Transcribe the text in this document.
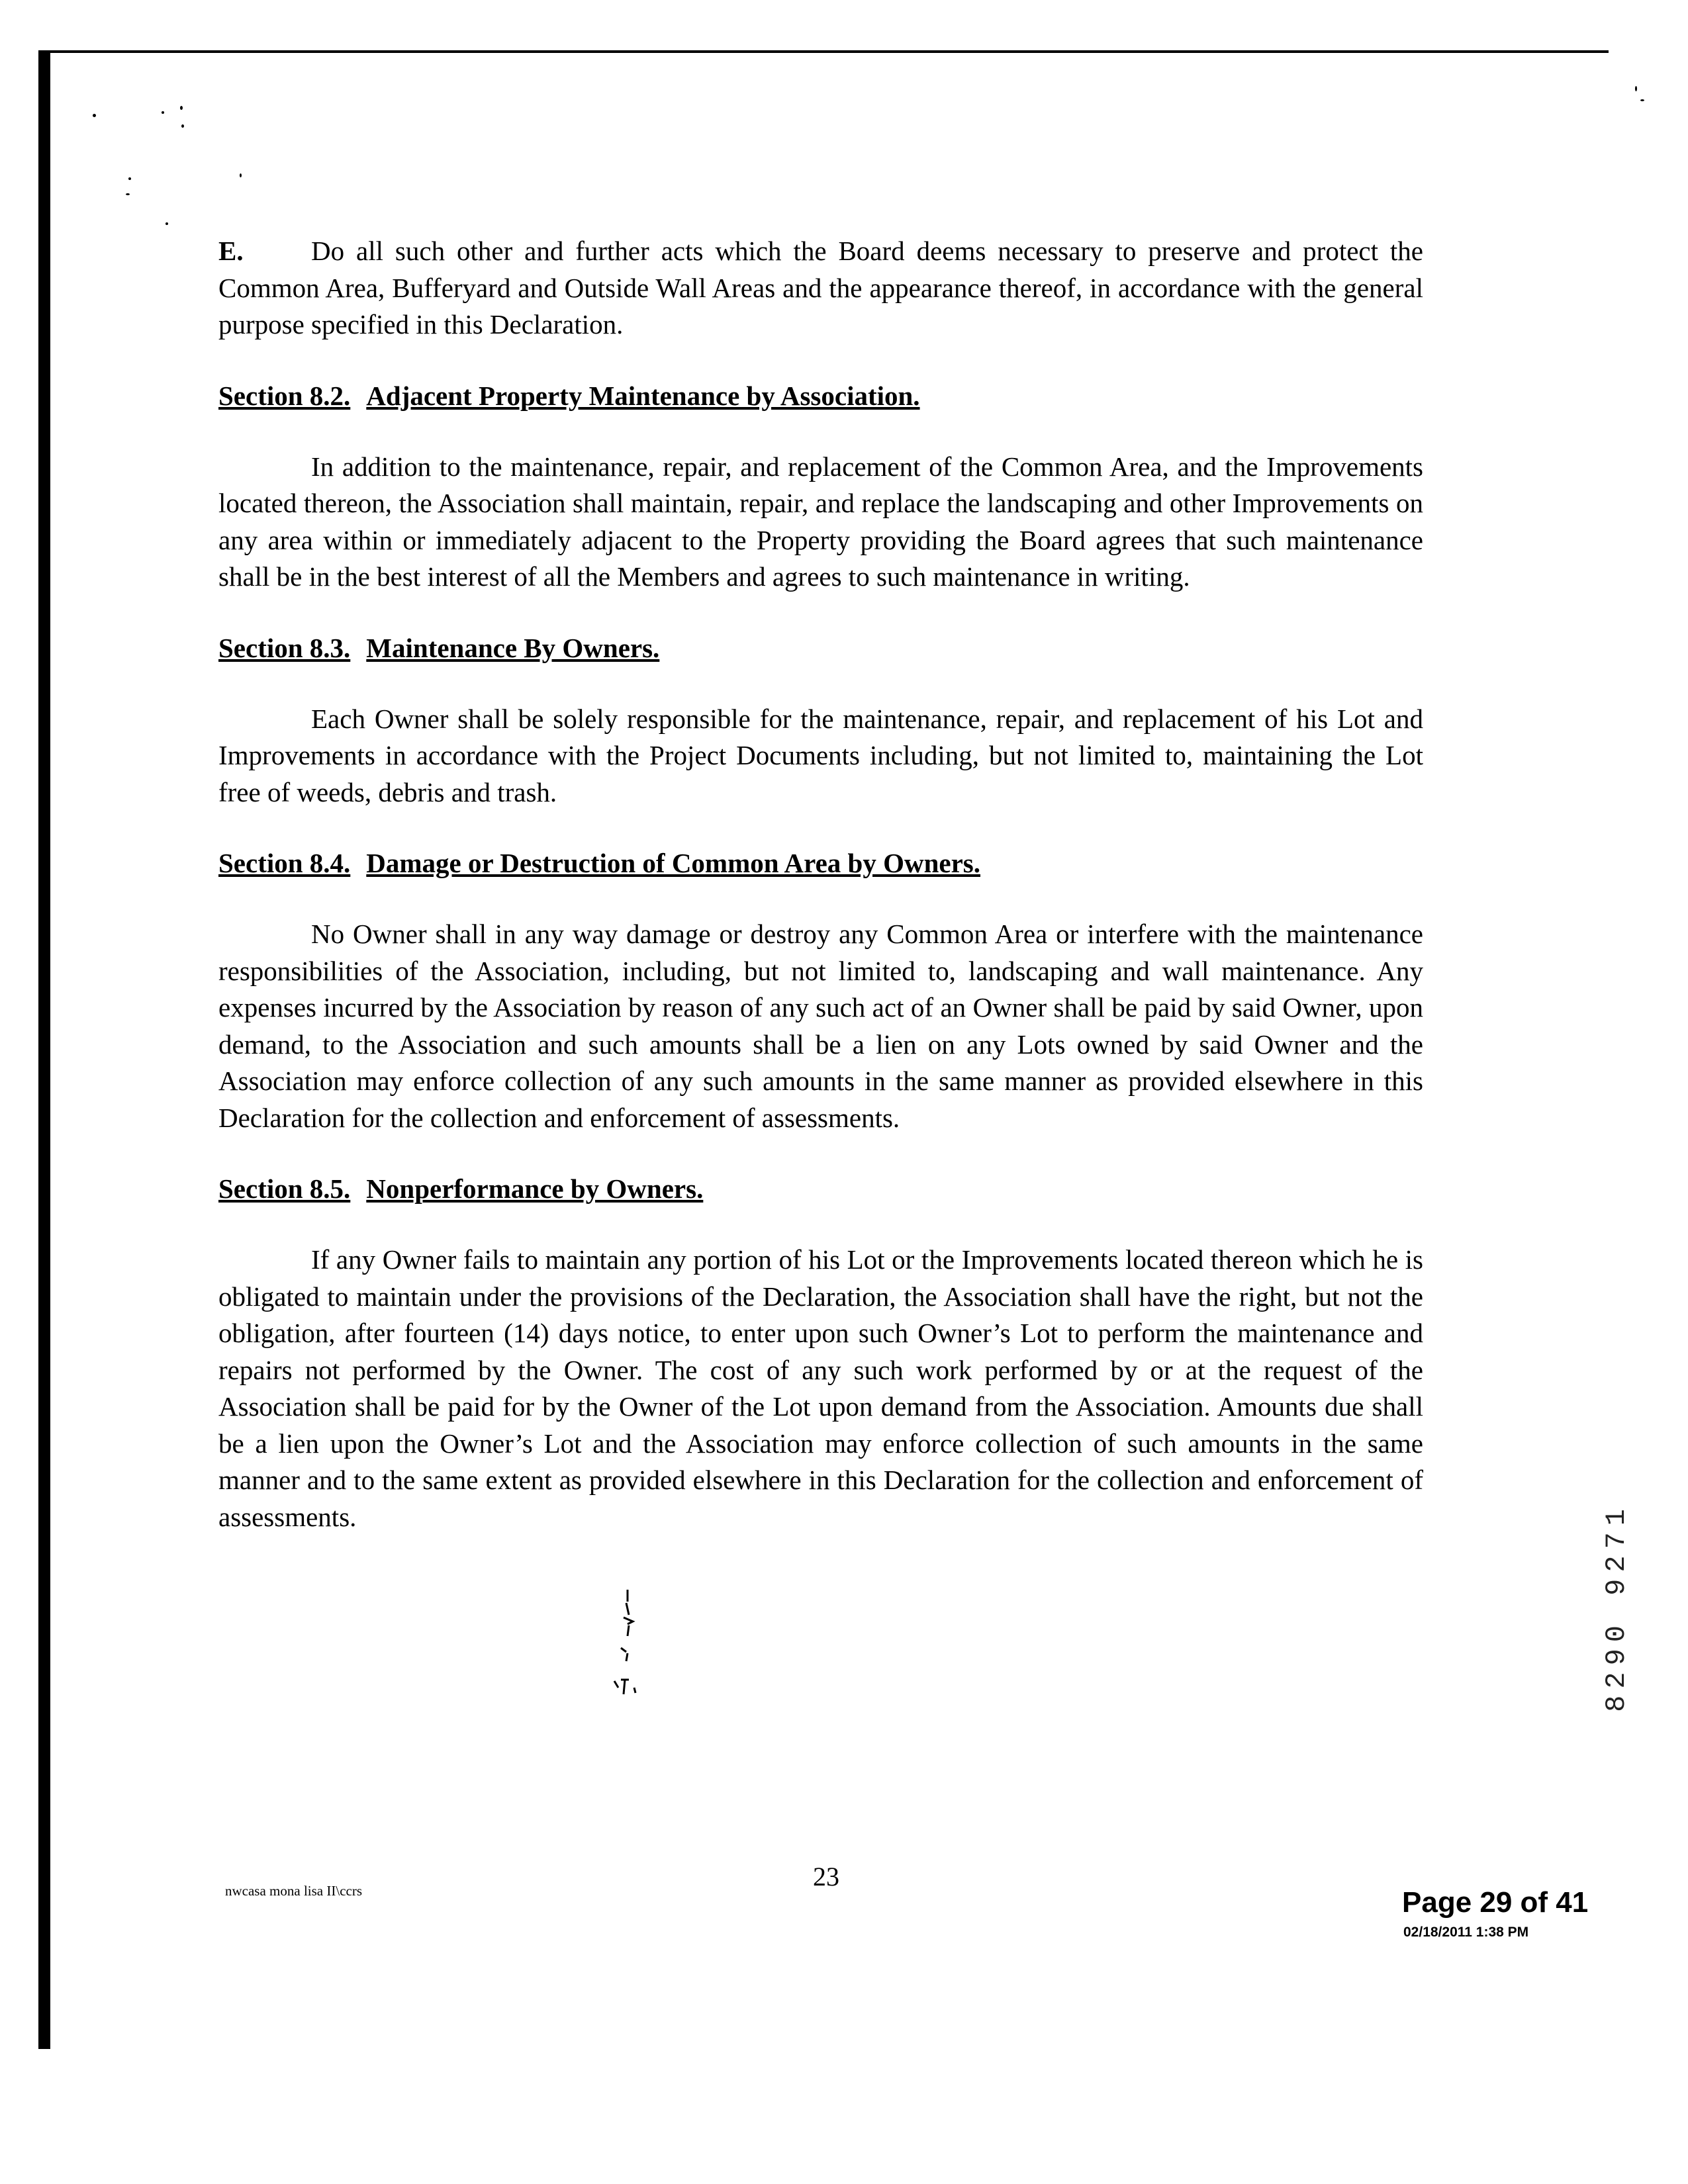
E. Do all such other and further acts which the Board deems necessary to preserve and protect the Common Area, Bufferyard and Outside Wall Areas and the appearance thereof, in accordance with the general purpose specified in this Declaration.

Section 8.2. Adjacent Property Maintenance by Association.

In addition to the maintenance, repair, and replacement of the Common Area, and the Improvements located thereon, the Association shall maintain, repair, and replace the landscaping and other Improvements on any area within or immediately adjacent to the Property providing the Board agrees that such maintenance shall be in the best interest of all the Members and agrees to such maintenance in writing.

Section 8.3. Maintenance By Owners.

Each Owner shall be solely responsible for the maintenance, repair, and replacement of his Lot and Improvements in accordance with the Project Documents including, but not limited to, maintaining the Lot free of weeds, debris and trash.

Section 8.4. Damage or Destruction of Common Area by Owners.

No Owner shall in any way damage or destroy any Common Area or interfere with the maintenance responsibilities of the Association, including, but not limited to, landscaping and wall maintenance. Any expenses incurred by the Association by reason of any such act of an Owner shall be paid by said Owner, upon demand, to the Association and such amounts shall be a lien on any Lots owned by said Owner and the Association may enforce collection of any such amounts in the same manner as provided elsewhere in this Declaration for the collection and enforcement of assessments.

Section 8.5. Nonperformance by Owners.

If any Owner fails to maintain any portion of his Lot or the Improvements located thereon which he is obligated to maintain under the provisions of the Declaration, the Association shall have the right, but not the obligation, after fourteen (14) days notice, to enter upon such Owner’s Lot to perform the maintenance and repairs not performed by the Owner. The cost of any such work performed by or at the request of the Association shall be paid for by the Owner of the Lot upon demand from the Association. Amounts due shall be a lien upon the Owner’s Lot and the Association may enforce collection of such amounts in the same manner and to the same extent as provided elsewhere in this Declaration for the collection and enforcement of assessments.

nwcasa mona lisa II\ccrs	23
Page 29 of 41
02/18/2011 1:38 PM
8290 9271
